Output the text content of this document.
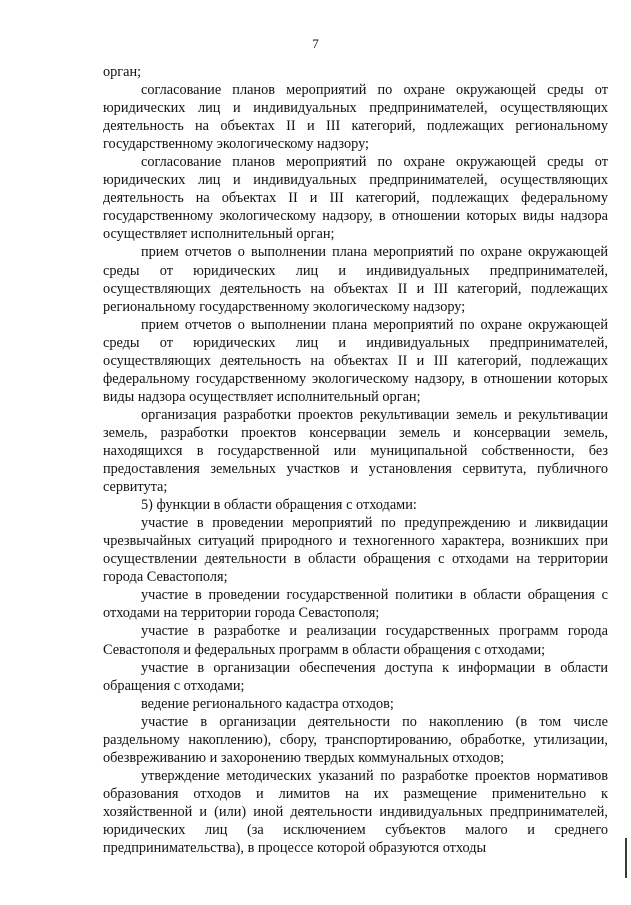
7

орган;

согласование планов мероприятий по охране окружающей среды от юридических лиц и индивидуальных предпринимателей, осуществляющих деятельность на объектах II и III категорий, подлежащих региональному государственному экологическому надзору;

согласование планов мероприятий по охране окружающей среды от юридических лиц и индивидуальных предпринимателей, осуществляющих деятельность на объектах II и III категорий, подлежащих федеральному государственному экологическому надзору, в отношении которых виды надзора осуществляет исполнительный орган;

прием отчетов о выполнении плана мероприятий по охране окружающей среды от юридических лиц и индивидуальных предпринимателей, осуществляющих деятельность на объектах II и III категорий, подлежащих региональному государственному экологическому надзору;

прием отчетов о выполнении плана мероприятий по охране окружающей среды от юридических лиц и индивидуальных предпринимателей, осуществляющих деятельность на объектах II и III категорий, подлежащих федеральному государственному экологическому надзору, в отношении которых виды надзора осуществляет исполнительный орган;

организация разработки проектов рекультивации земель и рекультивации земель, разработки проектов консервации земель и консервации земель, находящихся в государственной или муниципальной собственности, без предоставления земельных участков и установления сервитута, публичного сервитута;

5) функции в области обращения с отходами:

участие в проведении мероприятий по предупреждению и ликвидации чрезвычайных ситуаций природного и техногенного характера, возникших при осуществлении деятельности в области обращения с отходами на территории города Севастополя;

участие в проведении государственной политики в области обращения с отходами на территории города Севастополя;

участие в разработке и реализации государственных программ города Севастополя и федеральных программ в области обращения с отходами;

участие в организации обеспечения доступа к информации в области обращения с отходами;

ведение регионального кадастра отходов;

участие в организации деятельности по накоплению (в том числе раздельному накоплению), сбору, транспортированию, обработке, утилизации, обезвреживанию и захоронению твердых коммунальных отходов;

утверждение методических указаний по разработке проектов нормативов образования отходов и лимитов на их размещение применительно к хозяйственной и (или) иной деятельности индивидуальных предпринимателей, юридических лиц (за исключением субъектов малого и среднего предпринимательства), в процессе которой образуются отходы
